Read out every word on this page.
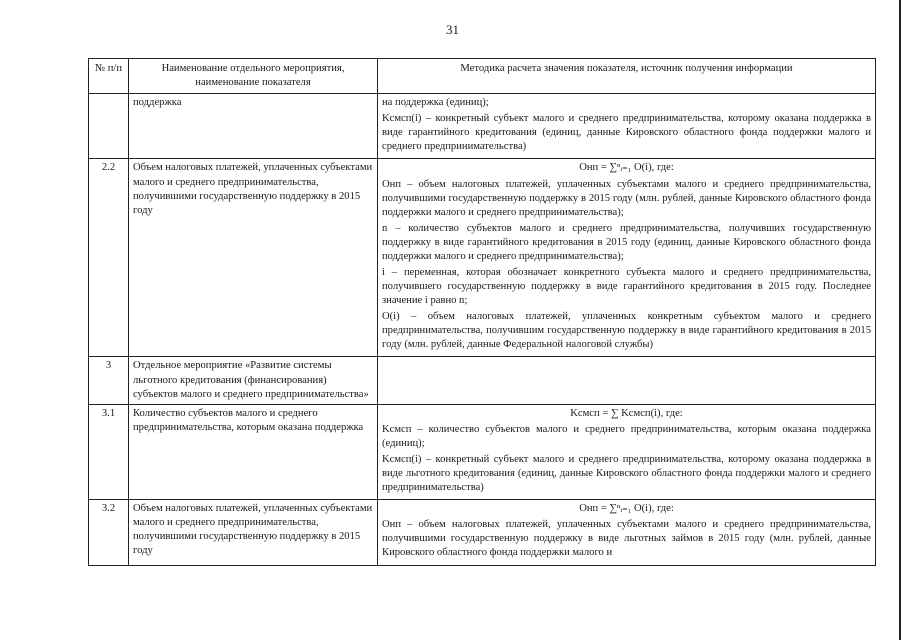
31
№ п/п	Наименование отдельного мероприятия, наименование показателя	Методика расчета значения показателя, источник получения информации
	поддержка	на поддержка (единиц);
Kсмсп(i) – конкретный субъект малого и среднего предпринимательства, которому оказана поддержка в виде гарантийного кредитования (единиц, данные Кировского областного фонда поддержки малого и среднего предпринимательства)

2.2	Объем налоговых платежей, уплаченных субъектами малого и среднего предпринимательства, получившими государственную поддержку в 2015 году	Онп = ∑ⁿᵢ₌₁ О(i), где:
Онп – объем налоговых платежей, уплаченных субъектами малого и среднего предпринимательства, получившими государственную поддержку в 2015 году (млн. рублей, данные Кировского областного фонда поддержки малого и среднего предпринимательства);
n – количество субъектов малого и среднего предпринимательства, получивших государственную поддержку в виде гарантийного кредитования в 2015 году (единиц, данные Кировского областного фонда поддержки малого и среднего предпринимательства);
i – переменная, которая обозначает конкретного субъекта малого и среднего предпринимательства, получившего государственную поддержку в виде гарантийного кредитования в 2015 году. Последнее значение i равно n;
О(i) – объем налоговых платежей, уплаченных конкретным субъектом малого и среднего предпринимательства, получившим государственную поддержку в виде гарантийного кредитования в 2015 году (млн. рублей, данные Федеральной налоговой службы)

3	Отдельное мероприятие «Развитие системы льготного кредитования (финансирования) субъектов малого и среднего предпринимательства»	
3.1	Количество субъектов малого и среднего предпринимательства, которым оказана поддержка	Kсмсп = ∑ Kсмсп(i), где:
Kсмсп – количество субъектов малого и среднего предпринимательства, которым оказана поддержка (единиц);
Kсмсп(i) – конкретный субъект малого и среднего предпринимательства, которому оказана поддержка в виде льготного кредитования (единиц, данные Кировского областного фонда поддержки малого и среднего предпринимательства)

3.2	Объем налоговых платежей, уплаченных субъектами малого и среднего предпринимательства, получившими государственную поддержку в 2015 году	Онп = ∑ⁿᵢ₌₁ О(i), где:
Онп – объем налоговых платежей, уплаченных субъектами малого и среднего предпринимательства, получившими государственную поддержку в виде льготных займов в 2015 году (млн. рублей, данные Кировского областного фонда поддержки малого и
